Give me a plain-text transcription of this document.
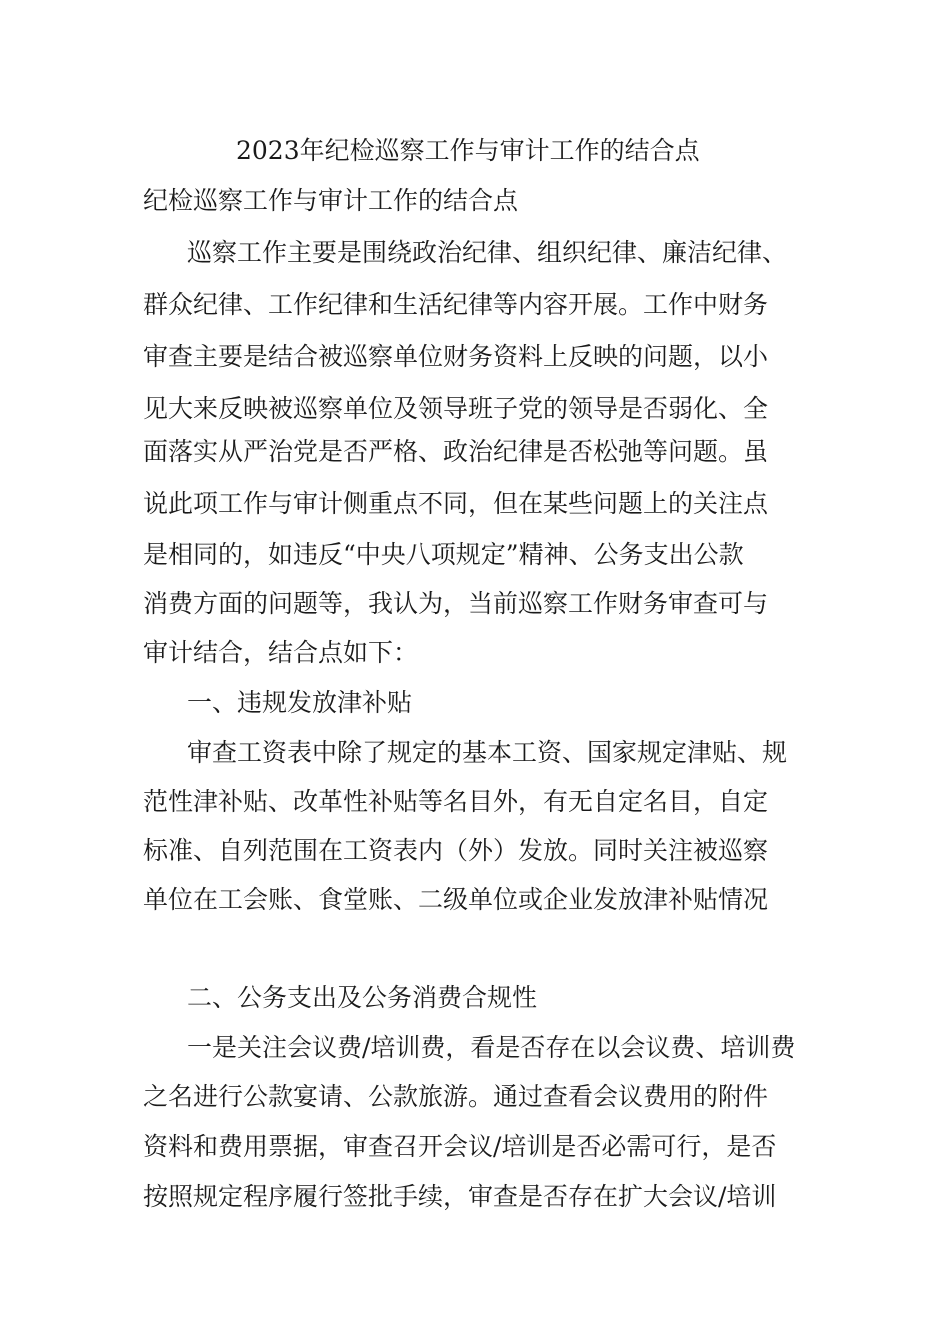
2023年纪检巡察工作与审计工作的结合点
纪检巡察工作与审计工作的结合点
巡察工作主要是围绕政治纪律、组织纪律、廉洁纪律、
群众纪律、工作纪律和生活纪律等内容开展。工作中财务
审查主要是结合被巡察单位财务资料上反映的问题，以小
见大来反映被巡察单位及领导班子党的领导是否弱化、全
面落实从严治党是否严格、政治纪律是否松弛等问题。虽
说此项工作与审计侧重点不同，但在某些问题上的关注点
是相同的，如违反“中央八项规定”精神、公务支出公款
消费方面的问题等，我认为，当前巡察工作财务审查可与
审计结合，结合点如下：
一、违规发放津补贴
审查工资表中除了规定的基本工资、国家规定津贴、规
范性津补贴、改革性补贴等名目外，有无自定名目，自定
标准、自列范围在工资表内（外）发放。同时关注被巡察
单位在工会账、食堂账、二级单位或企业发放津补贴情况
二、公务支出及公务消费合规性
一是关注会议费/培训费，看是否存在以会议费、培训费
之名进行公款宴请、公款旅游。通过查看会议费用的附件
资料和费用票据，审查召开会议/培训是否必需可行，是否
按照规定程序履行签批手续，审查是否存在扩大会议/培训
